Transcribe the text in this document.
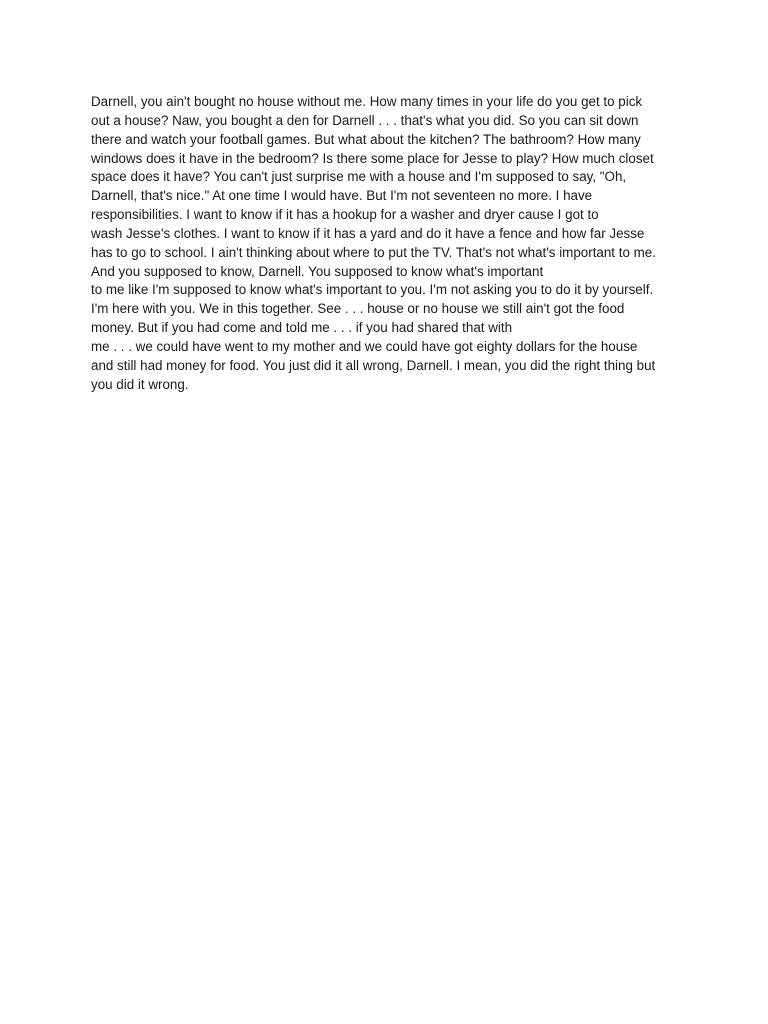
Darnell, you ain't bought no house without me. How many times in your life do you get to pick
out a house? Naw, you bought a den for Darnell . . . that's what you did. So you can sit down
there and watch your football games. But what about the kitchen? The bathroom? How many
windows does it have in the bedroom? Is there some place for Jesse to play? How much closet
space does it have? You can't just surprise me with a house and I'm supposed to say, "Oh,
Darnell, that's nice." At one time I would have. But I'm not seventeen no more. I have
responsibilities. I want to know if it has a hookup for a washer and dryer cause I got to
wash Jesse's clothes. I want to know if it has a yard and do it have a fence and how far Jesse
has to go to school. I ain't thinking about where to put the TV. That's not what's important to me.
And you supposed to know, Darnell. You supposed to know what's important
to me like I'm supposed to know what's important to you. I'm not asking you to do it by yourself.
I'm here with you. We in this together. See . . . house or no house we still ain't got the food
money. But if you had come and told me . . . if you had shared that with
me . . . we could have went to my mother and we could have got eighty dollars for the house
and still had money for food. You just did it all wrong, Darnell. I mean, you did the right thing but
you did it wrong.
